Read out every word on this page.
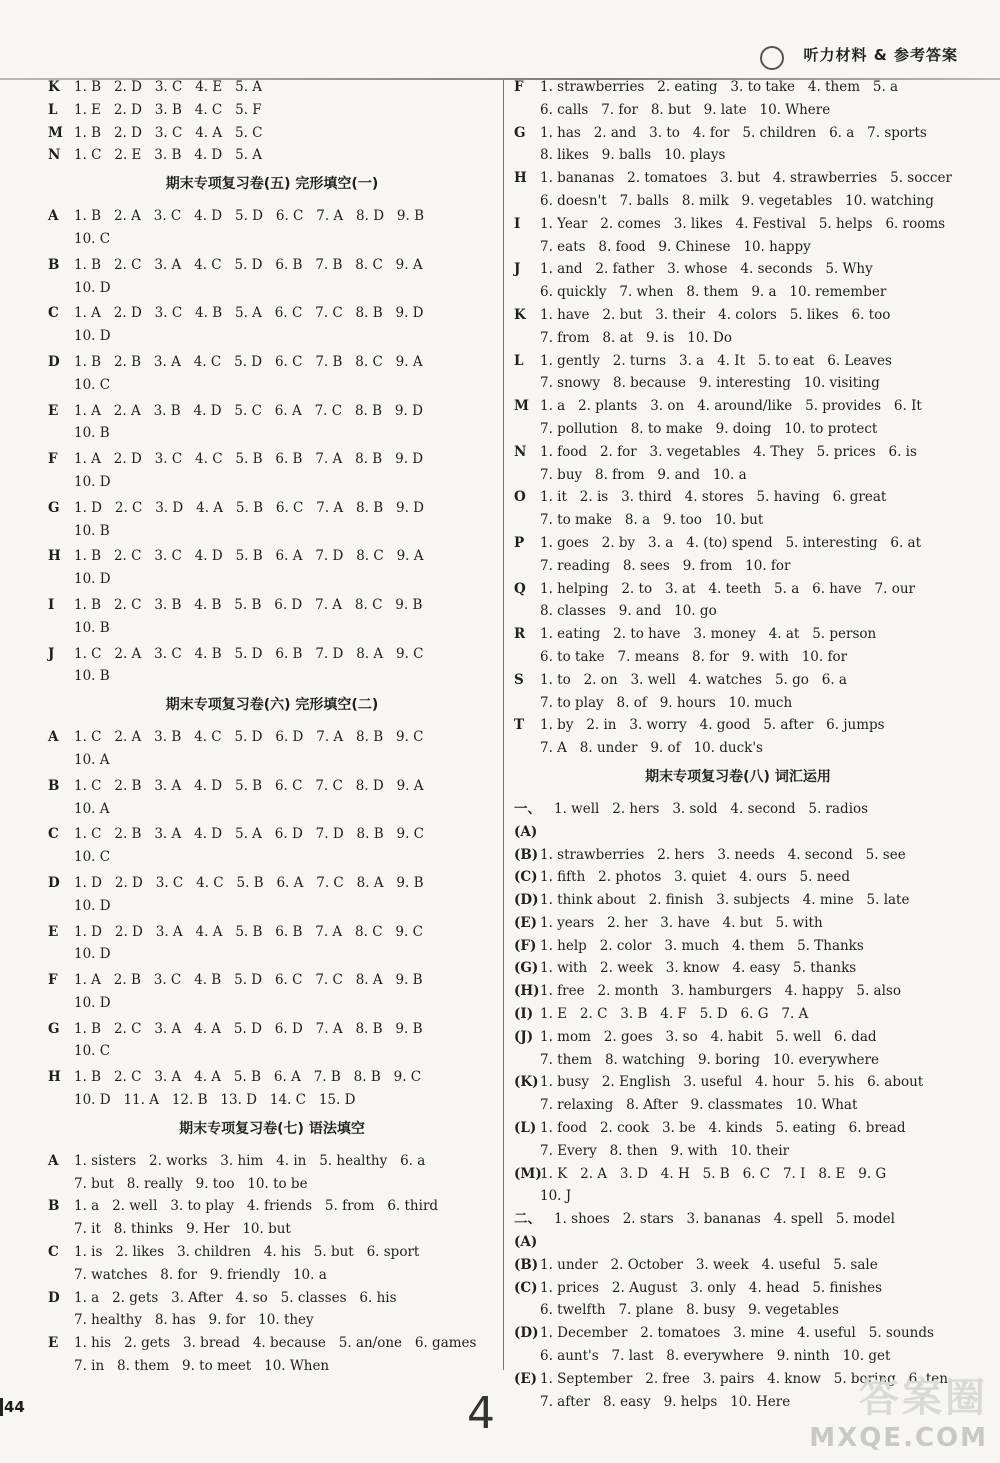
听力材料 & 参考答案
K	1. B   2. D   3. C   4. E   5. A
L	1. E   2. D   3. B   4. C   5. F
M 1. B   2. D   3. C   4. A   5. C
N	1. C   2. E   3. B   4. D   5. A
期末专项复习卷(五) 完形填空(一)
A	1. B   2. A   3. C   4. D   5. D   6. C   7. A   8. D   9. B
10. C
B	1. B   2. C   3. A   4. C   5. D   6. B   7. B   8. C   9. A
10. D
C	1. A   2. D   3. C   4. B   5. A   6. C   7. C   8. B   9. D
10. D
D	1. B   2. B   3. A   4. C   5. D   6. C   7. B   8. C   9. A
10. C
E	1. A   2. A   3. B   4. D   5. C   6. A   7. C   8. B   9. D
10. B
F	1. A   2. D   3. C   4. C   5. B   6. B   7. A   8. B   9. D
10. D
G	1. D   2. C   3. D   4. A   5. B   6. C   7. A   8. B   9. D
10. B
H 1. B   2. C   3. C   4. D   5. B   6. A   7. D   8. C   9. A
10. D
I	1. B   2. C   3. B   4. B   5. B   6. D   7. A   8. C   9. B
10. B
J	1. C   2. A   3. C   4. B   5. D   6. B   7. D   8. A   9. C
10. B
期末专项复习卷(六) 完形填空(二)
A	1. C   2. A   3. B   4. C   5. D   6. D   7. A   8. B   9. C
10. A
B	1. C   2. B   3. A   4. D   5. B   6. C   7. C   8. D   9. A
10. A
C	1. C   2. B   3. A   4. D   5. A   6. D   7. D   8. B   9. C
10. C
D	1. D   2. D   3. C   4. C   5. B   6. A   7. C   8. A   9. B
10. D
E	1. D   2. D   3. A   4. A   5. B   6. B   7. A   8. C   9. C
10. D
F	1. A   2. B   3. C   4. B   5. D   6. C   7. C   8. A   9. B
10. D
G	1. B   2. C   3. A   4. A   5. D   6. D   7. A   8. B   9. B
10. C
H 1. B   2. C   3. A   4. A   5. B   6. A   7. B   8. B   9. C
10. D   11. A   12. B   13. D   14. C   15. D
期末专项复习卷(七) 语法填空
A	1. sisters   2. works   3. him   4. in   5. healthy   6. a
7. but   8. really   9. too   10. to be
B	1. a   2. well   3. to play   4. friends   5. from   6. third
7. it   8. thinks   9. Her   10. but
C	1. is   2. likes   3. children   4. his   5. but   6. sport
7. watches   8. for   9. friendly   10. a
D	1. a   2. gets   3. After   4. so   5. classes   6. his
7. healthy   8. has   9. for   10. they
E	1. his   2. gets   3. bread   4. because   5. an/one   6. games
7. in   8. them   9. to meet   10. When
F	1. strawberries   2. eating   3. to take   4. them   5. a
6. calls   7. for   8. but   9. late   10. Where
G	1. has   2. and   3. to   4. for   5. children   6. a   7. sports
8. likes   9. balls   10. plays
H 1. bananas   2. tomatoes   3. but   4. strawberries   5. soccer
6. doesn't   7. balls   8. milk   9. vegetables   10. watching
I	1. Year   2. comes   3. likes   4. Festival   5. helps   6. rooms
7. eats   8. food   9. Chinese   10. happy
J	1. and   2. father   3. whose   4. seconds   5. Why
6. quickly   7. when   8. them   9. a   10. remember
K	1. have   2. but   3. their   4. colors   5. likes   6. too
7. from   8. at   9. is   10. Do
L	1. gently   2. turns   3. a   4. It   5. to eat   6. Leaves
7. snowy   8. because   9. interesting   10. visiting
M 1. a   2. plants   3. on   4. around/like   5. provides   6. It
7. pollution   8. to make   9. doing   10. to protect
N	1. food   2. for   3. vegetables   4. They   5. prices   6. is
7. buy   8. from   9. and   10. a
O	1. it   2. is   3. third   4. stores   5. having   6. great
7. to make   8. a   9. too   10. but
P	1. goes   2. by   3. a   4. (to) spend   5. interesting   6. at
7. reading   8. sees   9. from   10. for
Q	1. helping   2. to   3. at   4. teeth   5. a   6. have   7. our
8. classes   9. and   10. go
R	1. eating   2. to have   3. money   4. at   5. person
6. to take   7. means   8. for   9. with   10. for
S	1. to   2. on   3. well   4. watches   5. go   6. a
7. to play   8. of   9. hours   10. much
T	1. by   2. in   3. worry   4. good   5. after   6. jumps
7. A   8. under   9. of   10. duck's
期末专项复习卷(八) 词汇运用
一、(A)
1. well   2. hers   3. sold   4. second   5. radios
(B) 1. strawberries   2. hers   3. needs   4. second   5. see
(C) 1. fifth   2. photos   3. quiet   4. ours   5. need
(D) 1. think about   2. finish   3. subjects   4. mine   5. late
(E) 1. years   2. her   3. have   4. but   5. with
(F) 1. help   2. color   3. much   4. them   5. Thanks
(G) 1. with   2. week   3. know   4. easy   5. thanks
(H) 1. free   2. month   3. hamburgers   4. happy   5. also
(I) 1. E   2. C   3. B   4. F   5. D   6. G   7. A
(J) 1. mom   2. goes   3. so   4. habit   5. well   6. dad
7. them   8. watching   9. boring   10. everywhere
(K) 1. busy   2. English   3. useful   4. hour   5. his   6. about
7. relaxing   8. After   9. classmates   10. What
(L) 1. food   2. cook   3. be   4. kinds   5. eating   6. bread
7. Every   8. then   9. with   10. their
(M)
1. K   2. A   3. D   4. H   5. B   6. C   7. I   8. E   9. G
10. J
二、(A)
1. shoes   2. stars   3. bananas   4. spell   5. model
(B) 1. under   2. October   3. week   4. useful   5. sale
(C) 1. prices   2. August   3. only   4. head   5. finishes
6. twelfth   7. plane   8. busy   9. vegetables
(D) 1. December   2. tomatoes   3. mine   4. useful   5. sounds
6. aunt's   7. last   8. everywhere   9. ninth   10. get
(E) 1. September   2. free   3. pairs   4. know   5. boring   6. ten
7. after   8. easy   9. helps   10. Here
44	4	答案圈
MXQE.COM
